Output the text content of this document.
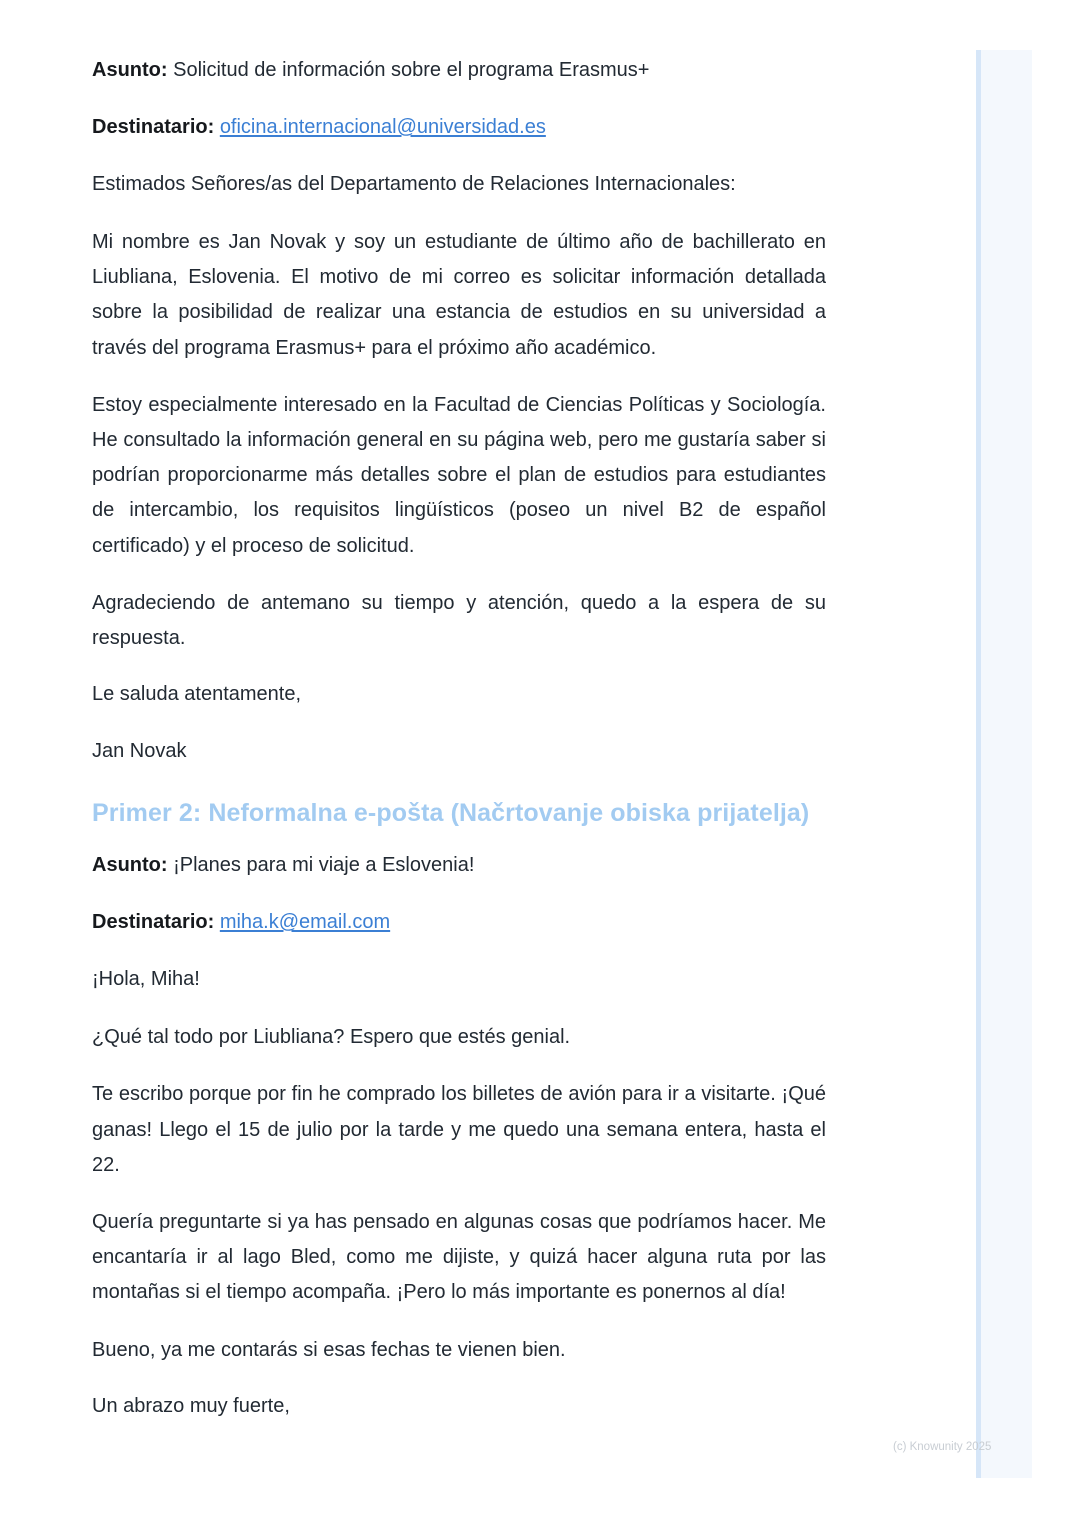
Asunto: Solicitud de información sobre el programa Erasmus+
Destinatario: oficina.internacional@universidad.es
Estimados Señores/as del Departamento de Relaciones Internacionales:

Mi nombre es Jan Novak y soy un estudiante de último año de bachillerato en Liubliana, Eslovenia. El motivo de mi correo es solicitar información detallada sobre la posibilidad de realizar una estancia de estudios en su universidad a través del programa Erasmus+ para el próximo año académico.

Estoy especialmente interesado en la Facultad de Ciencias Políticas y Sociología. He consultado la información general en su página web, pero me gustaría saber si podrían proporcionarme más detalles sobre el plan de estudios para estudiantes de intercambio, los requisitos lingüísticos (poseo un nivel B2 de español certificado) y el proceso de solicitud.

Agradeciendo de antemano su tiempo y atención, quedo a la espera de su respuesta.

Le saluda atentamente,
Jan Novak
Primer 2: Neformalna e-pošta (Načrtovanje obiska prijatelja)
Asunto: ¡Planes para mi viaje a Eslovenia!
Destinatario: miha.k@email.com
¡Hola, Miha!

¿Qué tal todo por Liubliana? Espero que estés genial.

Te escribo porque por fin he comprado los billetes de avión para ir a visitarte. ¡Qué ganas! Llego el 15 de julio por la tarde y me quedo una semana entera, hasta el 22.

Quería preguntarte si ya has pensado en algunas cosas que podríamos hacer. Me encantaría ir al lago Bled, como me dijiste, y quizá hacer alguna ruta por las montañas si el tiempo acompaña. ¡Pero lo más importante es ponernos al día!

Bueno, ya me contarás si esas fechas te vienen bien.

Un abrazo muy fuerte,
(c) Knowunity 2025
